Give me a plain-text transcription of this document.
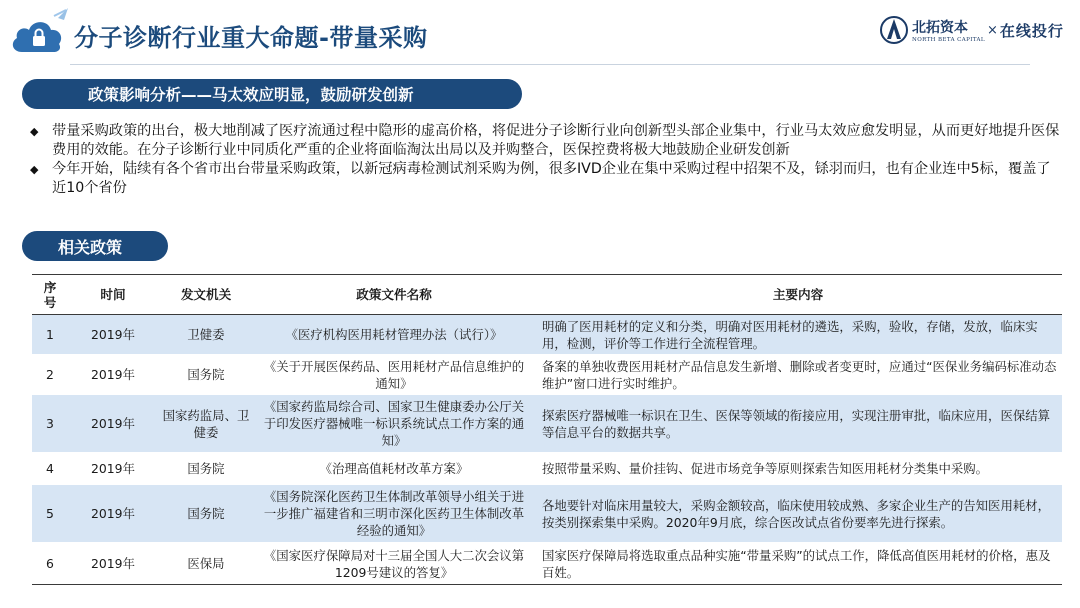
分子诊断行业重大命题-带量采购	北拓资本
NORTH BETA CAPITAL
× 在线投行
政策影响分析——马太效应明显，鼓励研发创新
◆ 带量采购政策的出台，极大地削减了医疗流通过程中隐形的虚高价格，将促进分子诊断行业向创新型头部企业集中，行业马太效应愈发明显，从而更好地提升医保费用的效能。在分子诊断行业中同质化严重的企业将面临淘汰出局以及并购整合，医保控费将极大地鼓励企业研发创新
◆ 今年开始，陆续有各个省市出台带量采购政策，以新冠病毒检测试剂采购为例，很多IVD企业在集中采购过程中招架不及，铩羽而归，也有企业连中5标，覆盖了近10个省份
相关政策
序号	时间	发文机关	政策文件名称	主要内容
1	2019年	卫健委	《医疗机构医用耗材管理办法（试行）》	明确了医用耗材的定义和分类，明确对医用耗材的遴选，采购，验收，存储，发放，临床实用，检测，评价等工作进行全流程管理。
2	2019年	国务院	《关于开展医保药品、医用耗材产品信息维护的通知》	备案的单独收费医用耗材产品信息发生新增、删除或者变更时，应通过“医保业务编码标准动态维护”窗口进行实时维护。
3	2019年	国家药监局、卫健委	《国家药监局综合司、国家卫生健康委办公厅关于印发医疗器械唯一标识系统试点工作方案的通知》	探索医疗器械唯一标识在卫生、医保等领域的衔接应用，实现注册审批，临床应用，医保结算等信息平台的数据共享。
4	2019年	国务院	《治理高值耗材改革方案》	按照带量采购、量价挂钩、促进市场竞争等原则探索告知医用耗材分类集中采购。
5	2019年	国务院	《国务院深化医药卫生体制改革领导小组关于进一步推广福建省和三明市深化医药卫生体制改革经验的通知》	各地要针对临床用量较大，采购金额较高，临床使用较成熟、多家企业生产的告知医用耗材，按类别探索集中采购。2020年9月底，综合医改试点省份要率先进行探索。
6	2019年	医保局	《国家医疗保障局对十三届全国人大二次会议第1209号建议的答复》	国家医疗保障局将选取重点品种实施“带量采购”的试点工作，降低高值医用耗材的价格，惠及百姓。
